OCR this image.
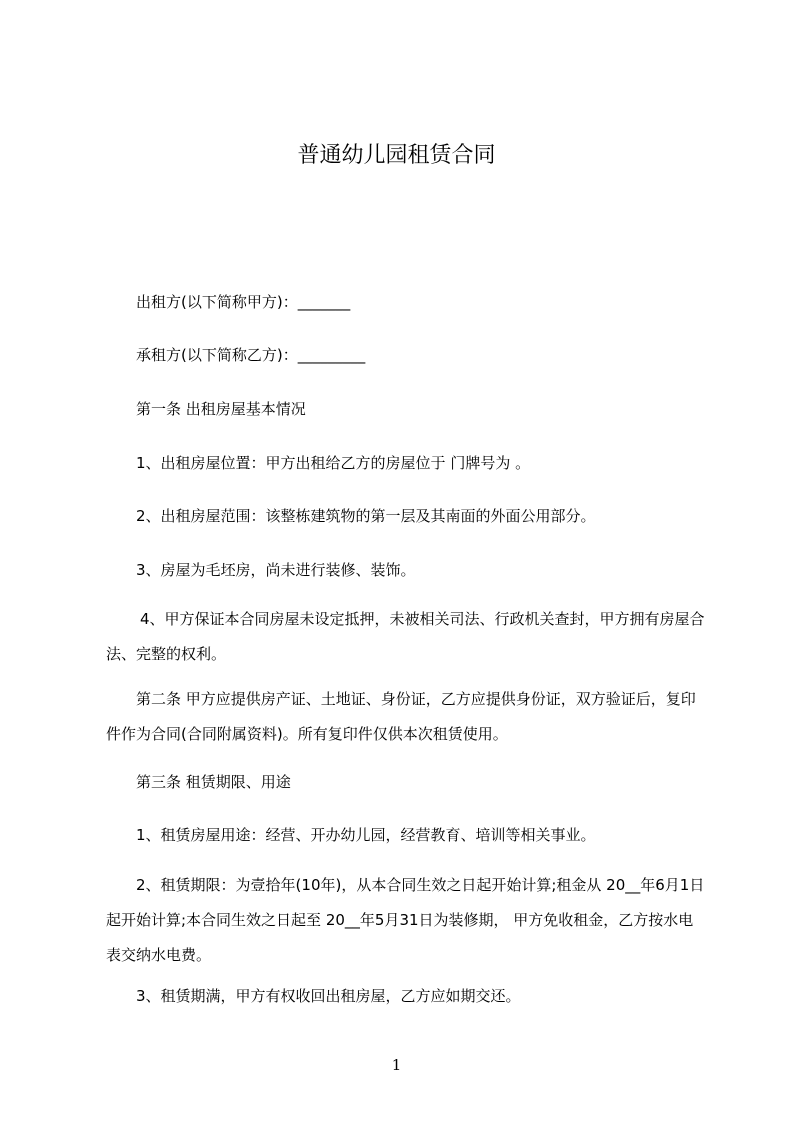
普通幼儿园租赁合同

出租方(以下简称甲方)：_______

承租方(以下简称乙方)：_________

第一条 出租房屋基本情况

1、出租房屋位置：甲方出租给乙方的房屋位于 门牌号为 。

2、出租房屋范围：该整栋建筑物的第一层及其南面的外面公用部分。

3、房屋为毛坯房，尚未进行装修、装饰。

4、甲方保证本合同房屋未设定抵押，未被相关司法、行政机关查封，甲方拥有房屋合法、完整的权利。

第二条 甲方应提供房产证、土地证、身份证，乙方应提供身份证，双方验证后，复印件作为合同(合同附属资料)。所有复印件仅供本次租赁使用。

第三条 租赁期限、用途

1、租赁房屋用途：经营、开办幼儿园，经营教育、培训等相关事业。

2、租赁期限：为壹拾年(10年)，从本合同生效之日起开始计算;租金从 20__年6月1日起开始计算;本合同生效之日起至 20__年5月31日为装修期， 甲方免收租金，乙方按水电表交纳水电费。

3、租赁期满，甲方有权收回出租房屋，乙方应如期交还。

1
